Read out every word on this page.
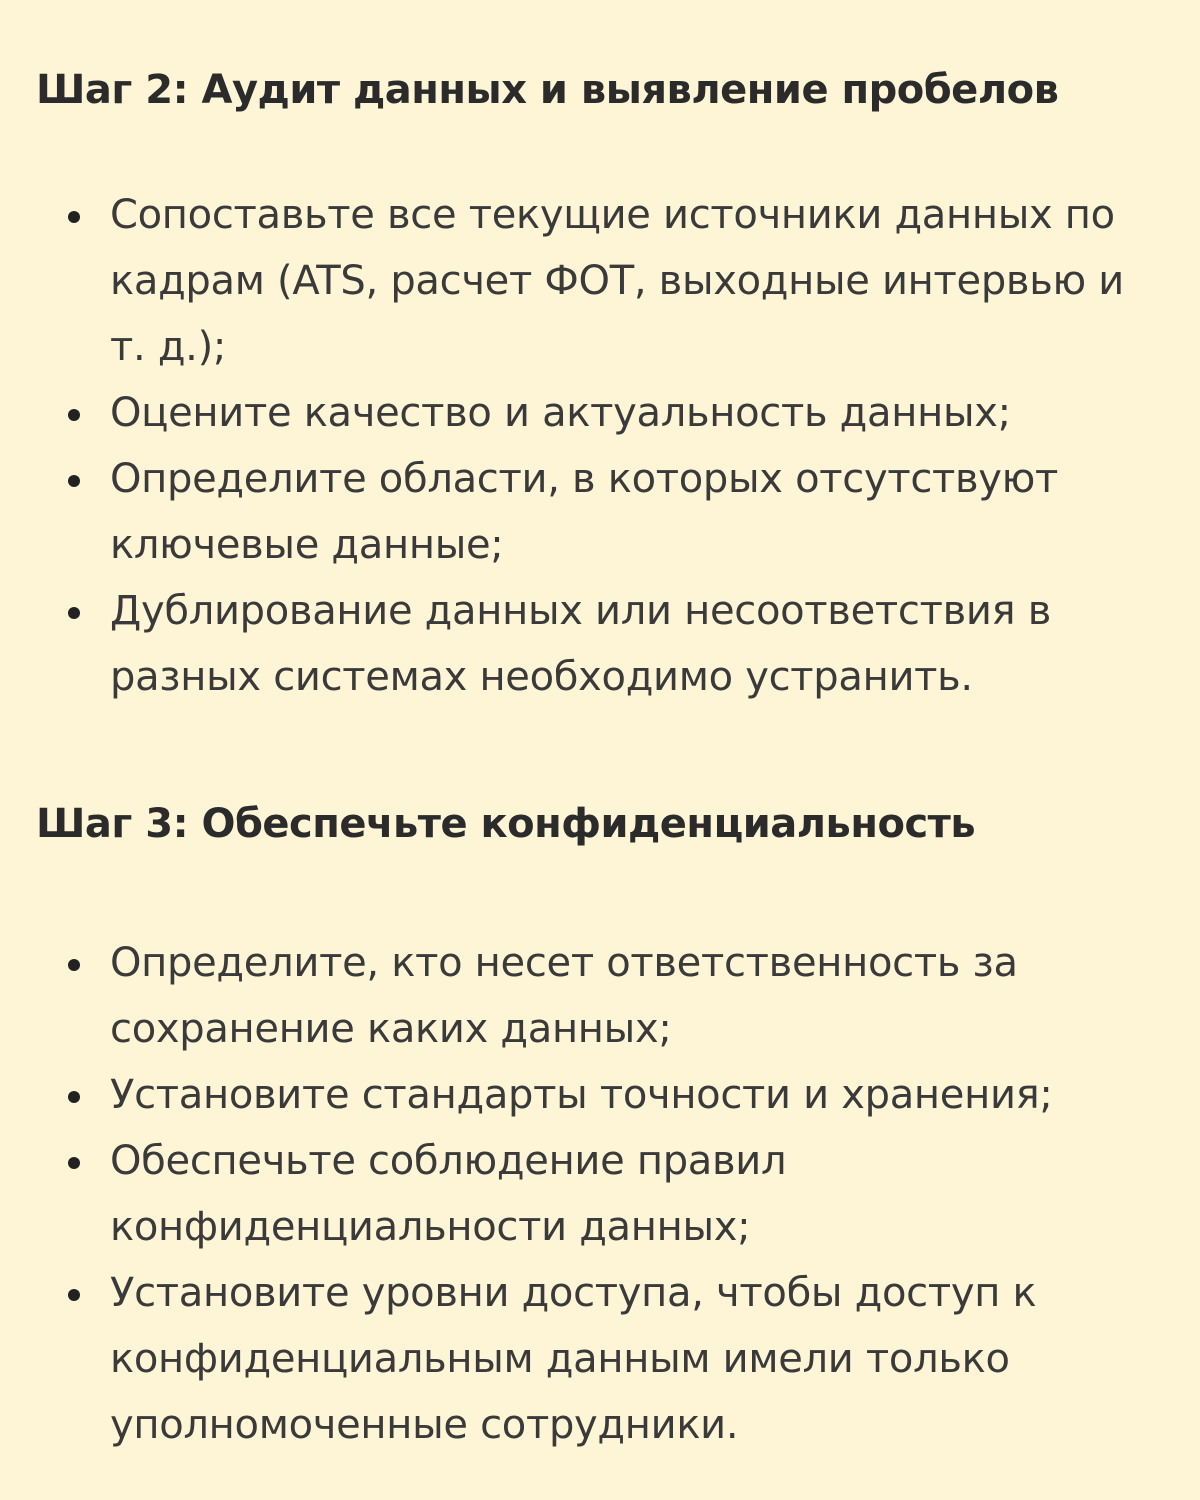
Шаг 2: Аудит данных и выявление пробелов
Сопоставьте все текущие источники данных по кадрам (ATS, расчет ФОТ, выходные интервью и т. д.);
Оцените качество и актуальность данных;
Определите области, в которых отсутствуют ключевые данные;
Дублирование данных или несоответствия в разных системах необходимо устранить.
Шаг 3: Обеспечьте конфиденциальность
Определите, кто несет ответственность за сохранение каких данных;
Установите стандарты точности и хранения;
Обеспечьте соблюдение правил конфиденциальности данных;
Установите уровни доступа, чтобы доступ к конфиденциальным данным имели только уполномоченные сотрудники.
